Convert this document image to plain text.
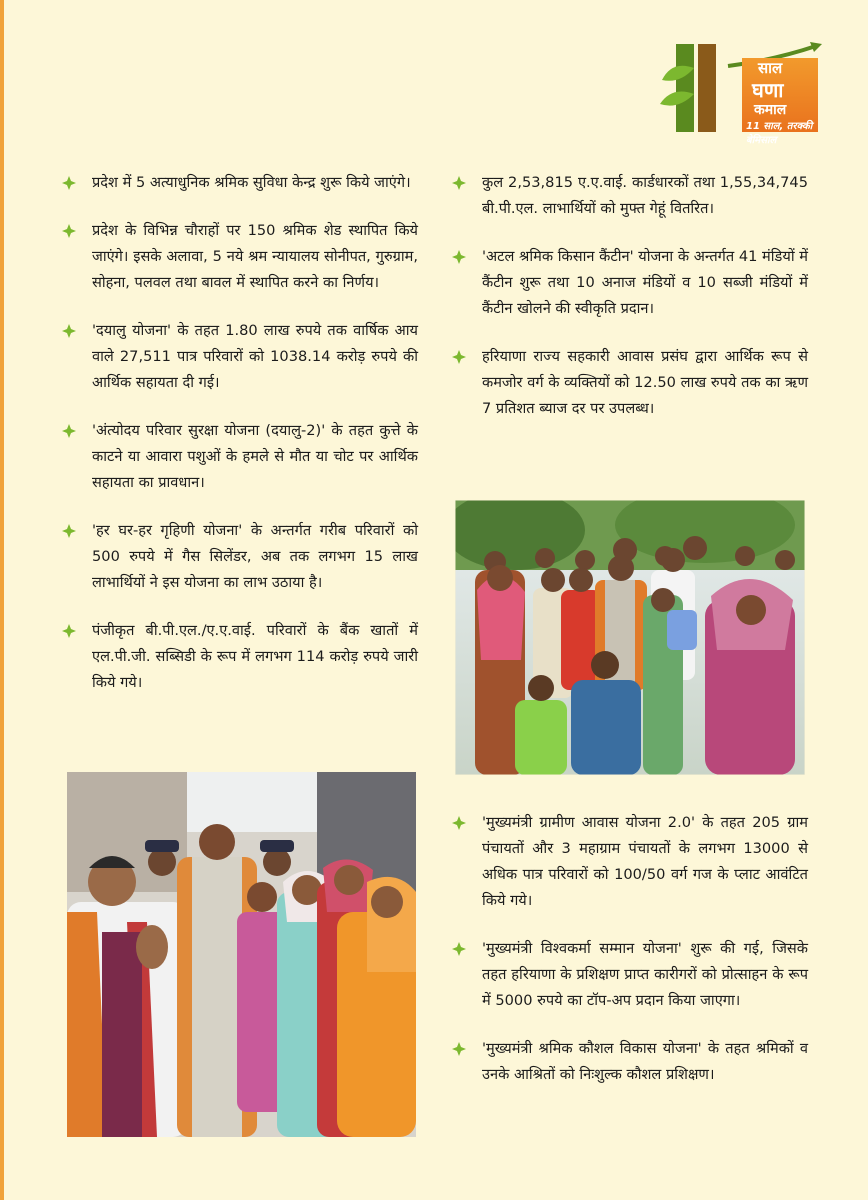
साल
घणा
कमाल
11 साल, तरक्की बेमिसाल
प्रदेश में 5 अत्याधुनिक श्रमिक सुविधा केन्द्र शुरू किये जाएंगे।
प्रदेश के विभिन्न चौराहों पर 150 श्रमिक शेड स्थापित किये जाएंगे। इसके अलावा, 5 नये श्रम न्यायालय सोनीपत, गुरुग्राम, सोहना, पलवल तथा बावल में स्थापित करने का निर्णय।
'दयालु योजना' के तहत 1.80 लाख रुपये तक वार्षिक आय वाले 27,511 पात्र परिवारों को 1038.14 करोड़ रुपये की आर्थिक सहायता दी गई।
'अंत्योदय परिवार सुरक्षा योजना (दयालु-2)' के तहत कुत्ते के काटने या आवारा पशुओं के हमले से मौत या चोट पर आर्थिक सहायता का प्रावधान।
'हर घर-हर गृहिणी योजना' के अन्तर्गत गरीब परिवारों को 500 रुपये में गैस सिलेंडर, अब तक लगभग 15 लाख लाभार्थियों ने इस योजना का लाभ उठाया है।
पंजीकृत बी.पी.एल./ए.ए.वाई. परिवारों के बैंक खातों में एल.पी.जी. सब्सिडी के रूप में लगभग 114 करोड़ रुपये जारी किये गये।
कुल 2,53,815 ए.ए.वाई. कार्डधारकों तथा 1,55,34,745 बी.पी.एल. लाभार्थियों को मुफ्त गेहूं वितरित।
'अटल श्रमिक किसान कैंटीन' योजना के अन्तर्गत 41 मंडियों में कैंटीन शुरू तथा 10 अनाज मंडियों व 10 सब्जी मंडियों में कैंटीन खोलने की स्वीकृति प्रदान।
हरियाणा राज्य सहकारी आवास प्रसंघ द्वारा आर्थिक रूप से कमजोर वर्ग के व्यक्तियों को 12.50 लाख रुपये तक का ऋण 7 प्रतिशत ब्याज दर पर उपलब्ध।
'मुख्यमंत्री ग्रामीण आवास योजना 2.0' के तहत 205 ग्राम पंचायतों और 3 महाग्राम पंचायतों के लगभग 13000 से अधिक पात्र परिवारों को 100/50 वर्ग गज के प्लाट आवंटित किये गये।
'मुख्यमंत्री विश्वकर्मा सम्मान योजना' शुरू की गई, जिसके तहत हरियाणा के प्रशिक्षण प्राप्त कारीगरों को प्रोत्साहन के रूप में 5000 रुपये का टॉप-अप प्रदान किया जाएगा।
'मुख्यमंत्री श्रमिक कौशल विकास योजना' के तहत श्रमिकों व उनके आश्रितों को निःशुल्क कौशल प्रशिक्षण।
